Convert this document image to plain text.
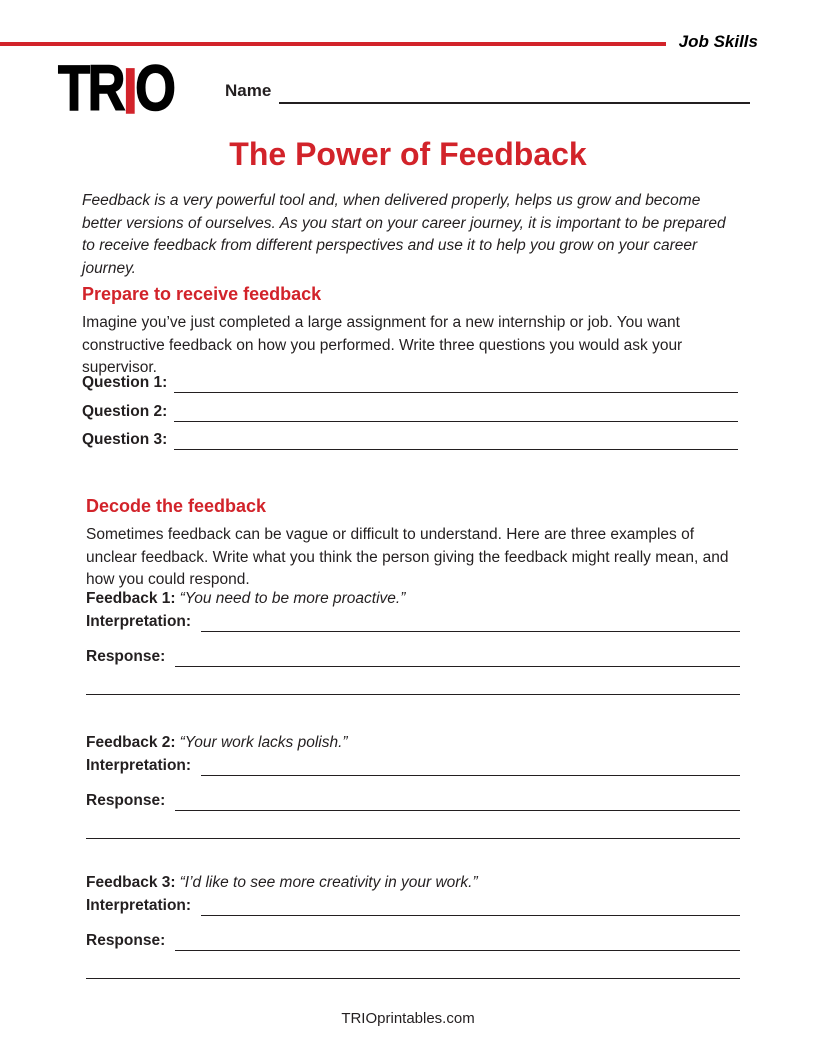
Job Skills
TRIO	Name
The Power of Feedback

Feedback is a very powerful tool and, when delivered properly, helps us grow and become better versions of ourselves. As you start on your career journey, it is important to be prepared to receive feedback from different perspectives and use it to help you grow on your career journey.

Prepare to receive feedback

Imagine you’ve just completed a large assignment for a new internship or job. You want constructive feedback on how you performed. Write three questions you would ask your supervisor.

Question 1:
Question 2:
Question 3:
Decode the feedback

Sometimes feedback can be vague or difficult to understand. Here are three examples of unclear feedback. Write what you think the person giving the feedback might really mean, and how you could respond.

Feedback 1: “You need to be more proactive.”

Interpretation:
Response:

Feedback 2: “Your work lacks polish.”

Interpretation:
Response:

Feedback 3: “I’d like to see more creativity in your work.”

Interpretation:
Response:
TRIOprintables.com
